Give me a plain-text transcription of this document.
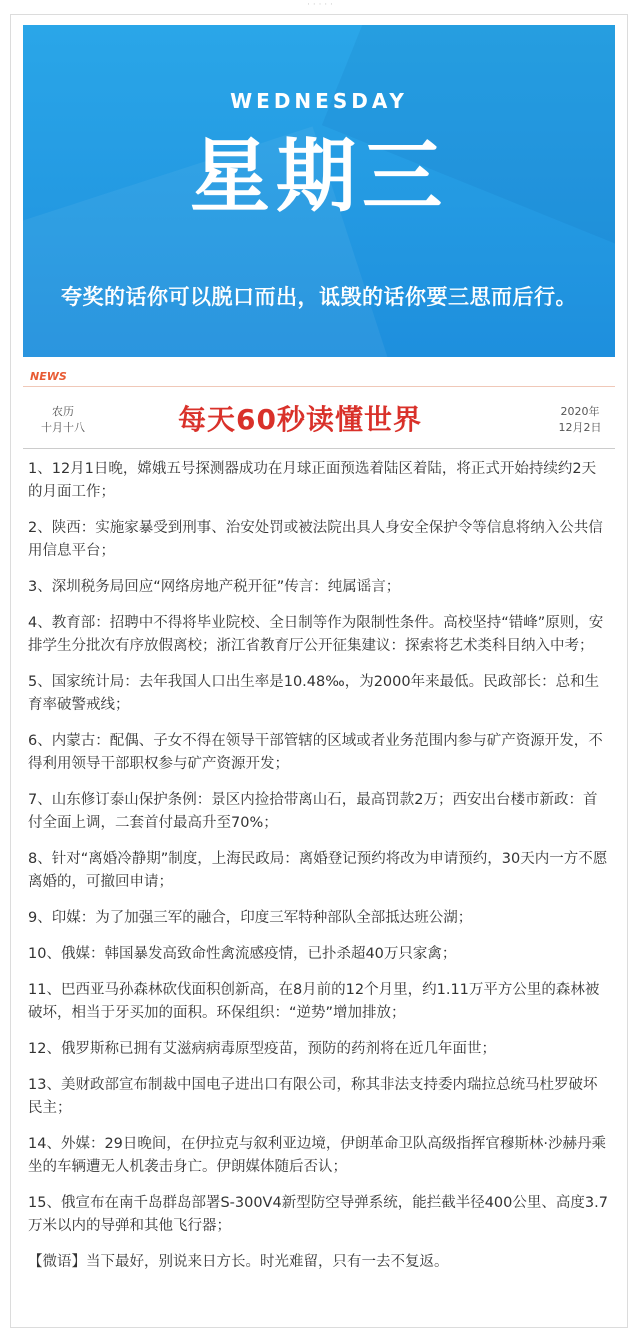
· · · · ·
WEDNESDAY
星期三
夸奖的话你可以脱口而出，诋毁的话你要三思而后行。
NEWS
农历
十月十八	每天60秒读懂世界	2020年
12月2日

1、12月1日晚，嫦娥五号探测器成功在月球正面预选着陆区着陆，将正式开始持续约2天的月面工作；

2、陕西：实施家暴受到刑事、治安处罚或被法院出具人身安全保护令等信息将纳入公共信用信息平台；

3、深圳税务局回应“网络房地产税开征”传言：纯属谣言；

4、教育部：招聘中不得将毕业院校、全日制等作为限制性条件。高校坚持“错峰”原则，安排学生分批次有序放假离校；浙江省教育厅公开征集建议：探索将艺术类科目纳入中考；

5、国家统计局：去年我国人口出生率是10.48‰，为2000年来最低。民政部长：总和生育率破警戒线；

6、内蒙古：配偶、子女不得在领导干部管辖的区域或者业务范围内参与矿产资源开发，不得利用领导干部职权参与矿产资源开发；

7、山东修订泰山保护条例：景区内捡拾带离山石，最高罚款2万；西安出台楼市新政：首付全面上调，二套首付最高升至70%；

8、针对“离婚冷静期”制度，上海民政局：离婚登记预约将改为申请预约，30天内一方不愿离婚的，可撤回申请；

9、印媒：为了加强三军的融合，印度三军特种部队全部抵达班公湖；

10、俄媒：韩国暴发高致命性禽流感疫情，已扑杀超40万只家禽；

11、巴西亚马孙森林砍伐面积创新高，在8月前的12个月里，约1.11万平方公里的森林被破坏，相当于牙买加的面积。环保组织：“逆势”增加排放；

12、俄罗斯称已拥有艾滋病病毒原型疫苗，预防的药剂将在近几年面世；

13、美财政部宣布制裁中国电子进出口有限公司，称其非法支持委内瑞拉总统马杜罗破坏民主；

14、外媒：29日晚间，在伊拉克与叙利亚边境，伊朗革命卫队高级指挥官穆斯林·沙赫丹乘坐的车辆遭无人机袭击身亡。伊朗媒体随后否认；

15、俄宣布在南千岛群岛部署S-300V4新型防空导弹系统，能拦截半径400公里、高度3.7万米以内的导弹和其他飞行器；

【微语】当下最好，别说来日方长。时光难留，只有一去不复返。
